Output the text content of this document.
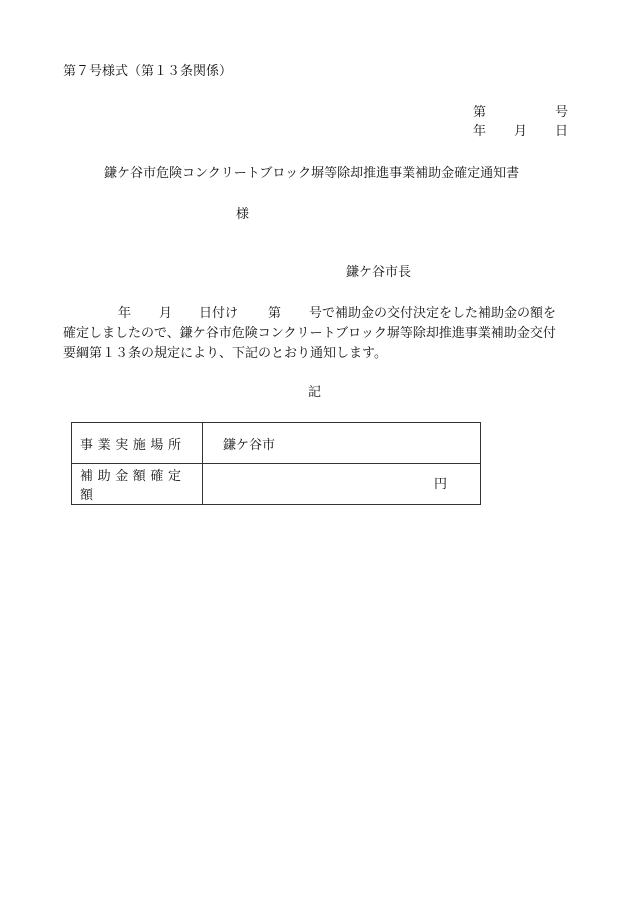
第７号様式（第１３条関係）
第	号
年 月 日
鎌ケ谷市危険コンクリートブロック塀等除却推進事業補助金確定通知書
様
鎌ケ谷市長
年 月 日付け 第 号で補助金の交付決定をした補助金の額を
確定しましたので、鎌ケ谷市危険コンクリートブロック塀等除却推進事業補助金交付
要綱第１３条の規定により、下記のとおり通知します。
記
事業実施場所	鎌ケ谷市

補助金額確定額	円
